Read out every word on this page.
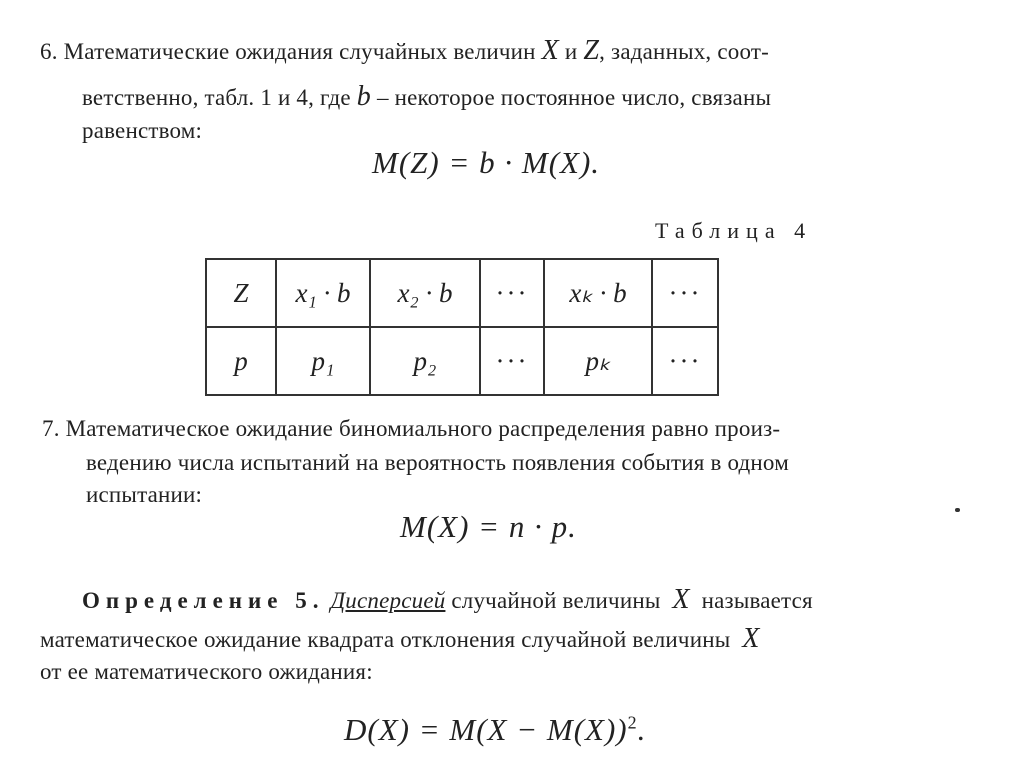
6. Математические ожидания случайных величин X и Z, заданных, соот-
ветственно, табл. 1 и 4, где b – некоторое постоянное число, связаны
равенством:
M(Z) = b · M(X).
Таблица 4
Z	x₁ · b	x₂ · b	···	xₖ · b	···
p	p₁	p₂	···	pₖ	···
7. Математическое ожидание биномиального распределения равно произ-
ведению числа испытаний на вероятность появления события в одном
испытании:
M(X) = n · p.
Определение 5. Дисперсией случайной величины X называется
математическое ожидание квадрата отклонения случайной величины X
от ее математического ожидания:
$D(X) = M(X - M(X))^2$.
